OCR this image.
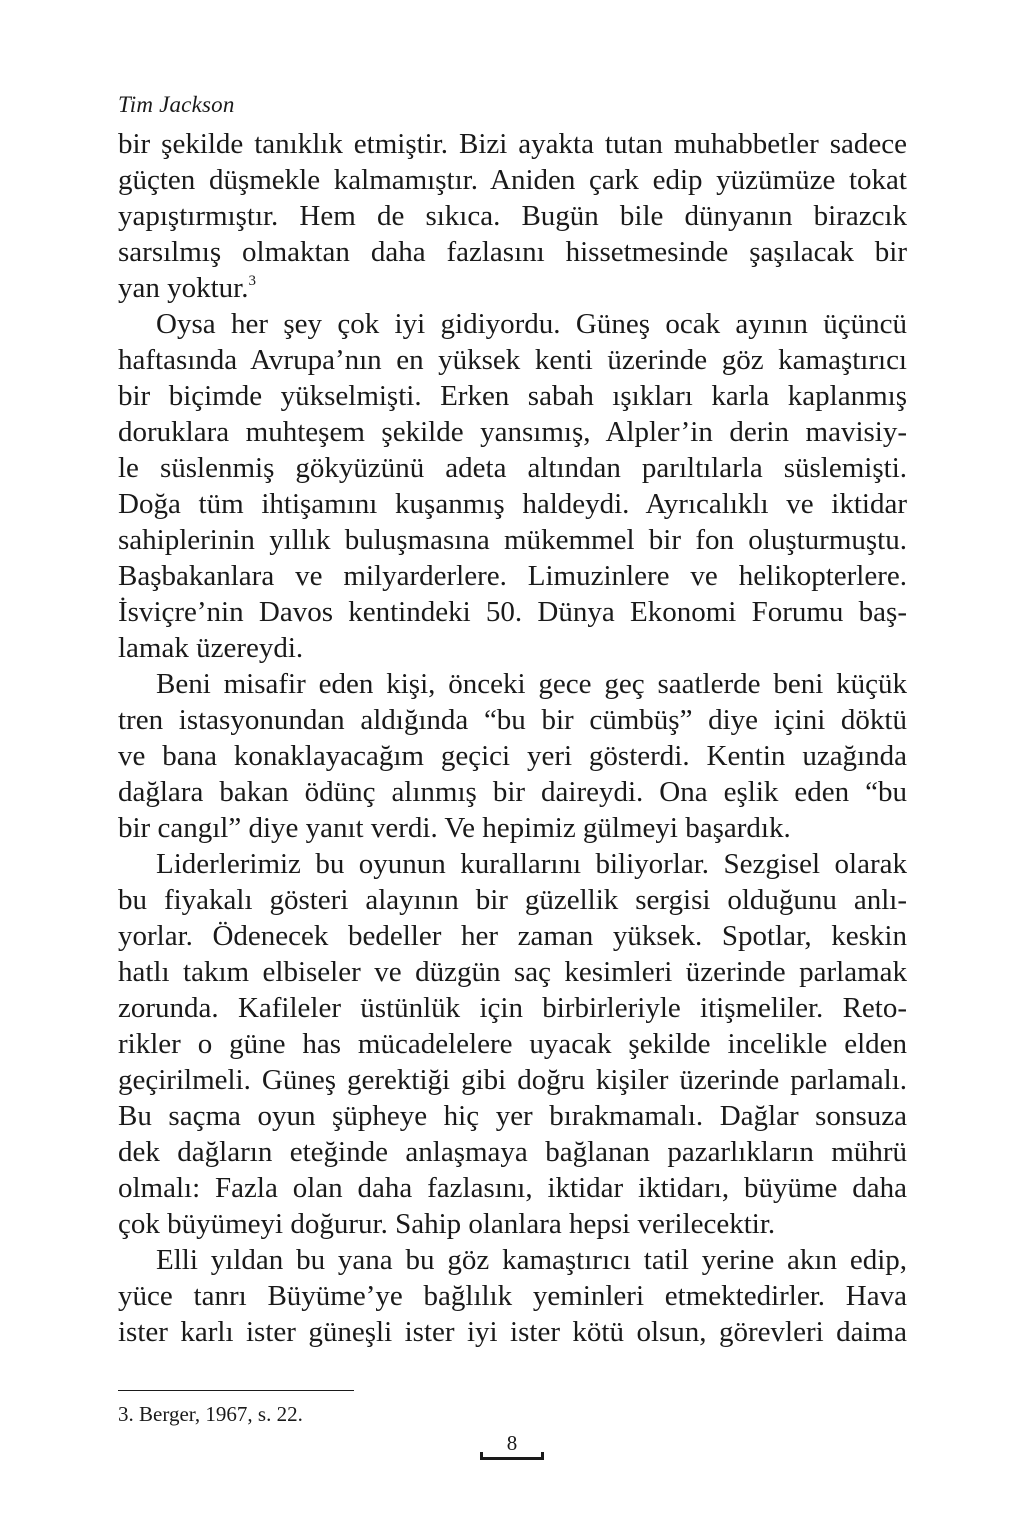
Tim Jackson
bir şekilde tanıklık etmiştir. Bizi ayakta tutan muhabbetler sadece
güçten düşmekle kalmamıştır. Aniden çark edip yüzümüze tokat
yapıştırmıştır. Hem de sıkıca. Bugün bile dünyanın birazcık
sarsılmış olmaktan daha fazlasını hissetmesinde şaşılacak bir
yan yoktur.$^3$
Oysa her şey çok iyi gidiyordu. Güneş ocak ayının üçüncü
haftasında Avrupa’nın en yüksek kenti üzerinde göz kamaştırıcı
bir biçimde yükselmişti. Erken sabah ışıkları karla kaplanmış
doruklara muhteşem şekilde yansımış, Alpler’in derin mavisiy-
le süslenmiş gökyüzünü adeta altından parıltılarla süslemişti.
Doğa tüm ihtişamını kuşanmış haldeydi. Ayrıcalıklı ve iktidar
sahiplerinin yıllık buluşmasına mükemmel bir fon oluşturmuştu.
Başbakanlara ve milyarderlere. Limuzinlere ve helikopterlere.
İsviçre’nin Davos kentindeki 50. Dünya Ekonomi Forumu baş-
lamak üzereydi.
Beni misafir eden kişi, önceki gece geç saatlerde beni küçük
tren istasyonundan aldığında “bu bir cümbüş” diye içini döktü
ve bana konaklayacağım geçici yeri gösterdi. Kentin uzağında
dağlara bakan ödünç alınmış bir daireydi. Ona eşlik eden “bu
bir cangıl” diye yanıt verdi. Ve hepimiz gülmeyi başardık.
Liderlerimiz bu oyunun kurallarını biliyorlar. Sezgisel olarak
bu fiyakalı gösteri alayının bir güzellik sergisi olduğunu anlı-
yorlar. Ödenecek bedeller her zaman yüksek. Spotlar, keskin
hatlı takım elbiseler ve düzgün saç kesimleri üzerinde parlamak
zorunda. Kafileler üstünlük için birbirleriyle itişmeliler. Reto-
rikler o güne has mücadelelere uyacak şekilde incelikle elden
geçirilmeli. Güneş gerektiği gibi doğru kişiler üzerinde parlamalı.
Bu saçma oyun şüpheye hiç yer bırakmamalı. Dağlar sonsuza
dek dağların eteğinde anlaşmaya bağlanan pazarlıkların mührü
olmalı: Fazla olan daha fazlasını, iktidar iktidarı, büyüme daha
çok büyümeyi doğurur. Sahip olanlara hepsi verilecektir.
Elli yıldan bu yana bu göz kamaştırıcı tatil yerine akın edip,
yüce tanrı Büyüme’ye bağlılık yeminleri etmektedirler. Hava
ister karlı ister güneşli ister iyi ister kötü olsun, görevleri daima
3. Berger, 1967, s. 22.
8
